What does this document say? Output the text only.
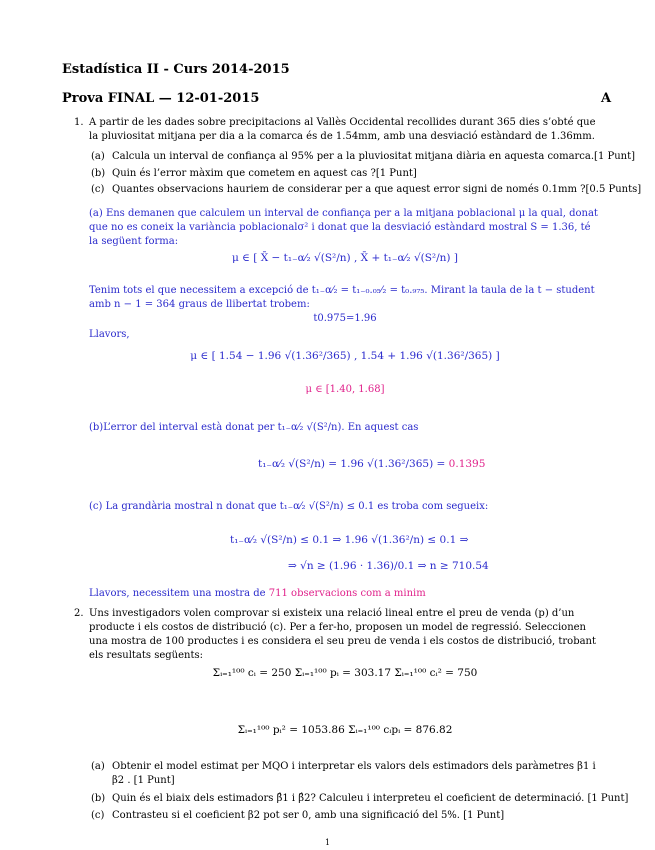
Estadística II - Curs 2014-2015
Prova FINAL — 12-01-2015	A
1. A partir de les dades sobre precipitacions al Vallès Occidental recollides durant 365 dies s’obté que la pluviositat mitjana per dia a la comarca és de 1.54mm, amb una desviació estàndard de 1.36mm.
(a) Calcula un interval de confiança al 95% per a la pluviositat mitjana diària en aquesta comarca.[1 Punt]
(b) Quin és l’error màxim que cometem en aquest cas ?[1 Punt]
(c) Quantes observacions hauriem de considerar per a que aquest error signi de només 0.1mm ?[0.5 Punts]
(a) Ens demanen que calculem un interval de confiança per a la mitjana poblacional μ la qual, donat que no es coneix la variància poblacionalσ² i donat que la desviació estàndard mostral S = 1.36, té la següent forma:
μ ∈ [ X̄ − t₁₋α⁄₂ √(S²/n) , X̄ + t₁₋α⁄₂ √(S²/n) ]
Tenim tots el que necessitem a excepció de t₁₋α⁄₂ = t₁₋₀.₀₅⁄₂ = t₀.₉₇₅. Mirant la taula de la t − student amb n − 1 = 364 graus de llibertat trobem:
t0.975=1.96
Llavors,
μ ∈ [ 1.54 − 1.96 √(1.36²/365) , 1.54 + 1.96 √(1.36²/365) ]
μ ∈ [1.40, 1.68]
(b)L’error del interval està donat per t₁₋α⁄₂ √(S²/n). En aquest cas
t₁₋α⁄₂ √(S²/n) = 1.96 √(1.36²/365) = 0.1395
(c) La grandària mostral n donat que t₁₋α⁄₂ √(S²/n) ≤ 0.1 es troba com segueix:
t₁₋α⁄₂ √(S²/n) ≤ 0.1 ⇒ 1.96 √(1.36²/n) ≤ 0.1 ⇒
⇒ √n ≥ (1.96 · 1.36)/0.1 ⇒ n ≥ 710.54
Llavors, necessitem una mostra de 711 observacions com a minim
2. Uns investigadors volen comprovar si existeix una relació lineal entre el preu de venda (p) d’un producte i els costos de distribució (c). Per a fer-ho, proposen un model de regressió. Seleccionen una mostra de 100 productes i es considera el seu preu de venda i els costos de distribució, trobant els resultats següents:
Σᵢ₌₁¹⁰⁰ cᵢ = 250 Σᵢ₌₁¹⁰⁰ pᵢ = 303.17 Σᵢ₌₁¹⁰⁰ cᵢ² = 750
Σᵢ₌₁¹⁰⁰ pᵢ² = 1053.86 Σᵢ₌₁¹⁰⁰ cᵢpᵢ = 876.82
(a) Obtenir el model estimat per MQO i interpretar els valors dels estimadors dels paràmetres β1 i β2 . [1 Punt]
(b) Quin és el biaix dels estimadors β̂1 i β̂2? Calculeu i interpreteu el coeficient de determinació. [1 Punt]
(c) Contrasteu si el coeficient β2 pot ser 0, amb una significació del 5%. [1 Punt]
1
